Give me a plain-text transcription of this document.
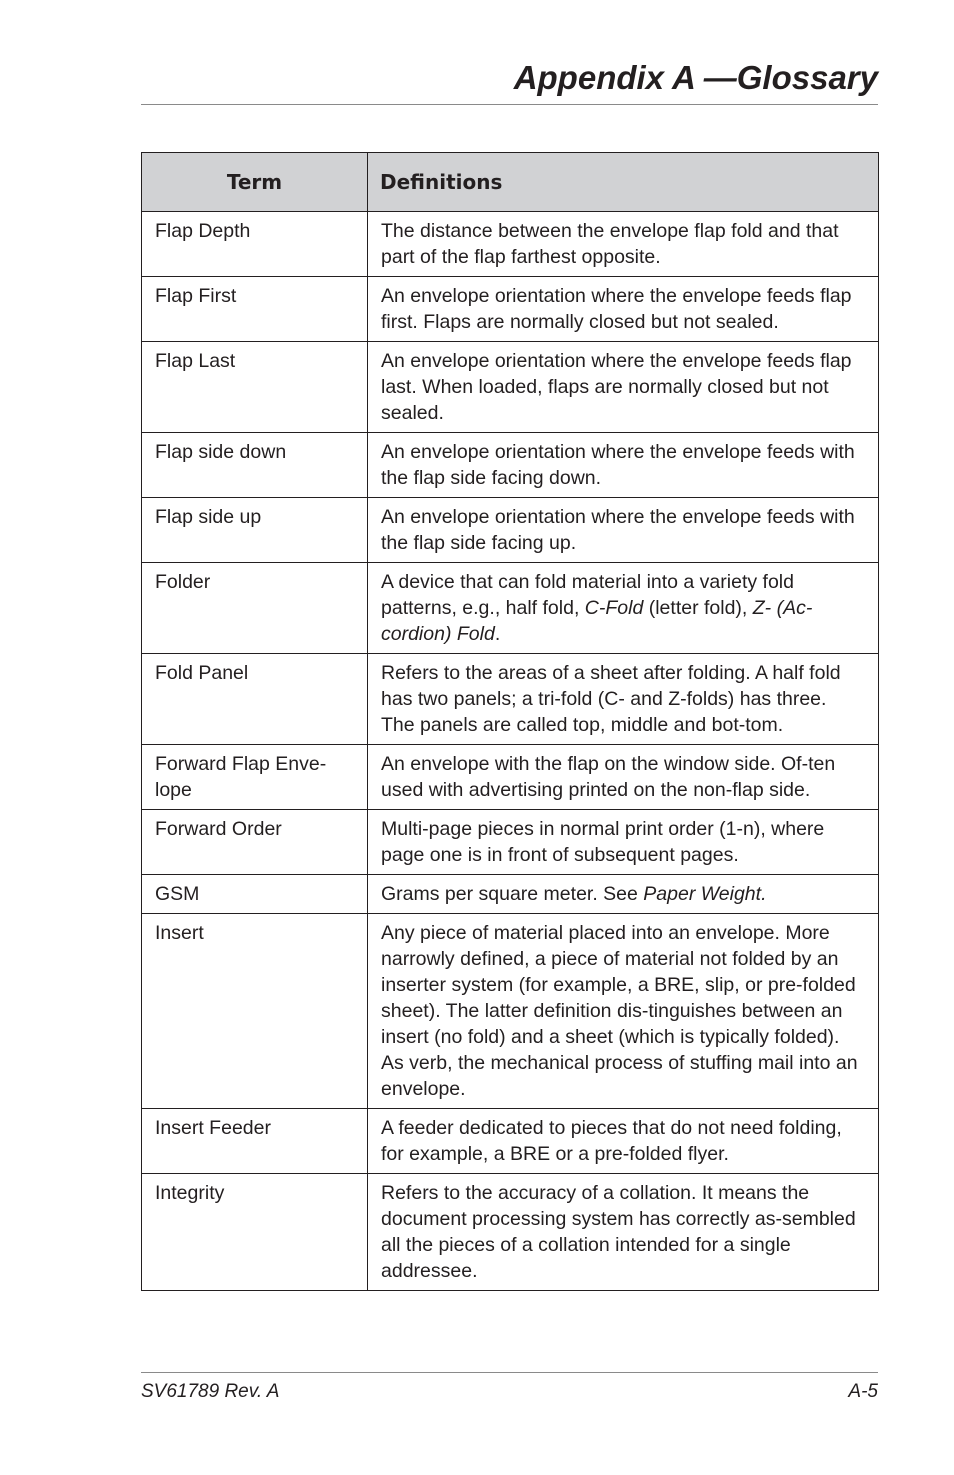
Appendix A —Glossary
Term	Definitions
Flap Depth	The distance between the envelope flap fold and that part of the flap farthest opposite.
Flap First	An envelope orientation where the envelope feeds flap first. Flaps are normally closed but not sealed.
Flap Last	An envelope orientation where the envelope feeds flap last. When loaded, flaps are normally closed but not sealed.
Flap side down	An envelope orientation where the envelope feeds with the flap side facing down.
Flap side up	An envelope orientation where the envelope feeds with the flap side facing up.
Folder	A device that can fold material into a variety fold patterns, e.g., half fold, C-Fold (letter fold), Z- (Ac-cordion) Fold.
Fold Panel	Refers to the areas of a sheet after folding. A half fold has two panels; a tri-fold (C- and Z-folds) has three. The panels are called top, middle and bot-tom.
Forward Flap Enve-lope	An envelope with the flap on the window side. Of-ten used with advertising printed on the non-flap side.
Forward Order	Multi-page pieces in normal print order (1-n), where page one is in front of subsequent pages.
GSM	Grams per square meter. See Paper Weight.
Insert	Any piece of material placed into an envelope. More narrowly defined, a piece of material not folded by an inserter system (for example, a BRE, slip, or pre-folded sheet). The latter definition dis-tinguishes between an insert (no fold) and a sheet (which is typically folded).
As verb, the mechanical process of stuffing mail into an envelope.
Insert Feeder	A feeder dedicated to pieces that do not need folding, for example, a BRE or a pre-folded flyer.
Integrity	Refers to the accuracy of a collation. It means the document processing system has correctly as-sembled all the pieces of a collation intended for a single addressee.
SV61789 Rev. A	A-5
